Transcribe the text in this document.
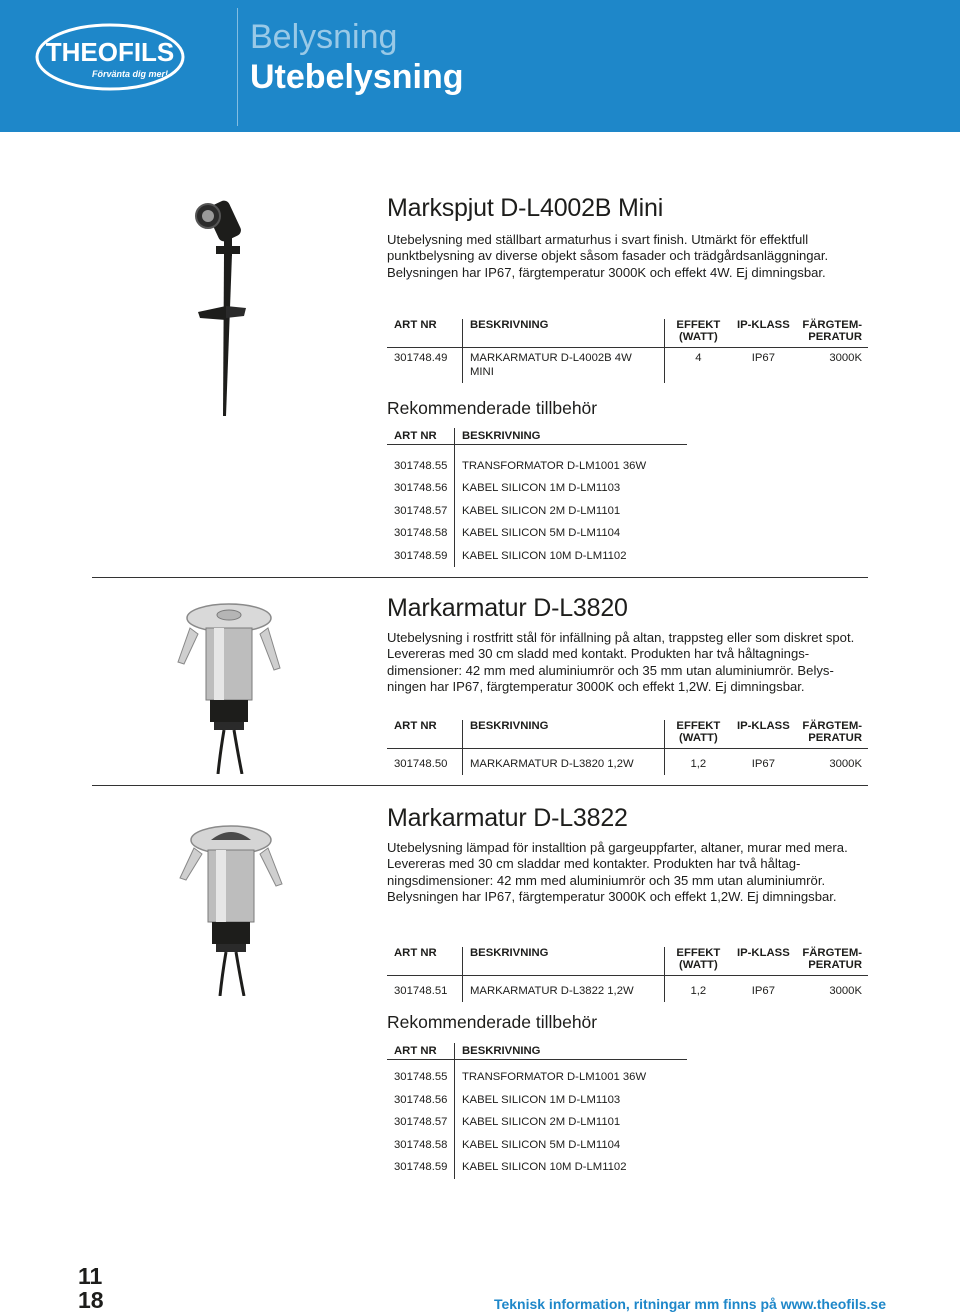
THEOFILS
Förvänta dig mer!
Belysning
Utebelysning
Markspjut D-L4002B Mini

Utebelysning med ställbart armaturhus i svart finish. Utmärkt för effektfull punktbelysning av diverse objekt såsom fasader och trädgårdsanläggningar. Belysningen har IP67, färgtemperatur 3000K och effekt 4W. Ej dimningsbar.

ART NR	BESKRIVNING	EFFEKT
(WATT)	IP-KLASS	FÄRGTEM-
PERATUR
301748.49	MARKARMATUR D-L4002B 4W
MINI	4	IP67	3000K
Rekommenderade tillbehör
ART NR	BESKRIVNING

301748.55	TRANSFORMATOR D-LM1001 36W
301748.56	KABEL SILICON 1M D-LM1103
301748.57	KABEL SILICON 2M D-LM1101
301748.58	KABEL SILICON 5M D-LM1104
301748.59	KABEL SILICON 10M D-LM1102
Markarmatur D-L3820

Utebelysning i rostfritt stål för infällning på altan, trappsteg eller som diskret spot. Levereras med 30 cm sladd med kontakt. Produkten har två håltagnings- dimensioner: 42 mm med aluminiumrör och 35 mm utan aluminiumrör. Belys- ningen har IP67, färgtemperatur 3000K och effekt 1,2W. Ej dimningsbar.

ART NR	BESKRIVNING	EFFEKT
(WATT)	IP-KLASS	FÄRGTEM-
PERATUR
301748.50	MARKARMATUR D-L3820 1,2W	1,2	IP67	3000K
Markarmatur D-L3822

Utebelysning lämpad för installtion på gargeuppfarter, altaner, murar med mera. Levereras med 30 cm sladdar med kontakter. Produkten har två håltag- ningsdimensioner: 42 mm med aluminiumrör och 35 mm utan aluminiumrör. Belysningen har IP67, färgtemperatur 3000K och effekt 1,2W. Ej dimningsbar.

ART NR	BESKRIVNING	EFFEKT
(WATT)	IP-KLASS	FÄRGTEM-
PERATUR
301748.51	MARKARMATUR D-L3822 1,2W	1,2	IP67	3000K
Rekommenderade tillbehör
ART NR	BESKRIVNING

301748.55	TRANSFORMATOR D-LM1001 36W
301748.56	KABEL SILICON 1M D-LM1103
301748.57	KABEL SILICON 2M D-LM1101
301748.58	KABEL SILICON 5M D-LM1104
301748.59	KABEL SILICON 10M D-LM1102
11
18	Teknisk information, ritningar mm finns på www.theofils.se
